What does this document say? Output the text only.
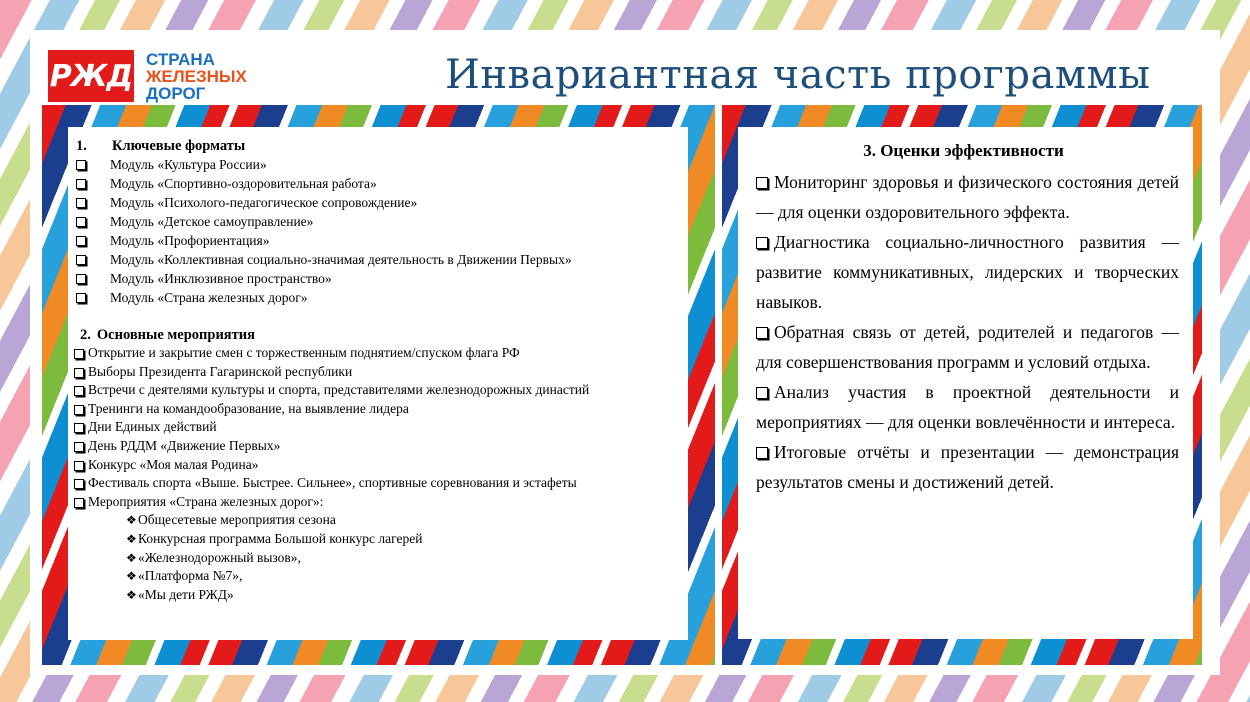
РЖД СТРАНА
ЖЕЛЕЗНЫХ
ДОРОГ	Инвариантная часть программы
1. Ключевые форматы
Модуль «Культура России»
Модуль «Спортивно-оздоровительная работа»
Модуль «Психолого-педагогическое сопровождение»
Модуль «Детское самоуправление»
Модуль «Профориентация»
Модуль «Коллективная социально-значимая деятельность в Движении Первых»
Модуль «Инклюзивное пространство»
Модуль «Страна железных дорог»
2. Основные мероприятия
Открытие и закрытие смен с торжественным поднятием/спуском флага РФ
Выборы Президента Гагаринской республики
Встречи с деятелями культуры и спорта, представителями железнодорожных династий
Тренинги на командообразование, на выявление лидера
Дни Единых действий
День РДДМ «Движение Первых»
Конкурс «Моя малая Родина»
Фестиваль спорта «Выше. Быстрее. Сильнее», спортивные соревнования и эстафеты
Мероприятия «Страна железных дорог»:
❖ Общесетевые мероприятия сезона
❖ Конкурсная программа Большой конкурс лагерей
❖ «Железнодорожный вызов»,
❖ «Платформа №7»,
❖ «Мы дети РЖД»
3. Оценки эффективности
Мониторинг здоровья и физического состояния детей — для оценки оздоровительного эффекта.
Диагностика социально-личностного развития — развитие коммуникативных, лидерских и творческих навыков.
Обратная связь от детей, родителей и педагогов — для совершенствования программ и условий отдыха.
Анализ участия в проектной деятельности и мероприятиях — для оценки вовлечённости и интереса.
Итоговые отчёты и презентации — демонстрация результатов смены и достижений детей.
